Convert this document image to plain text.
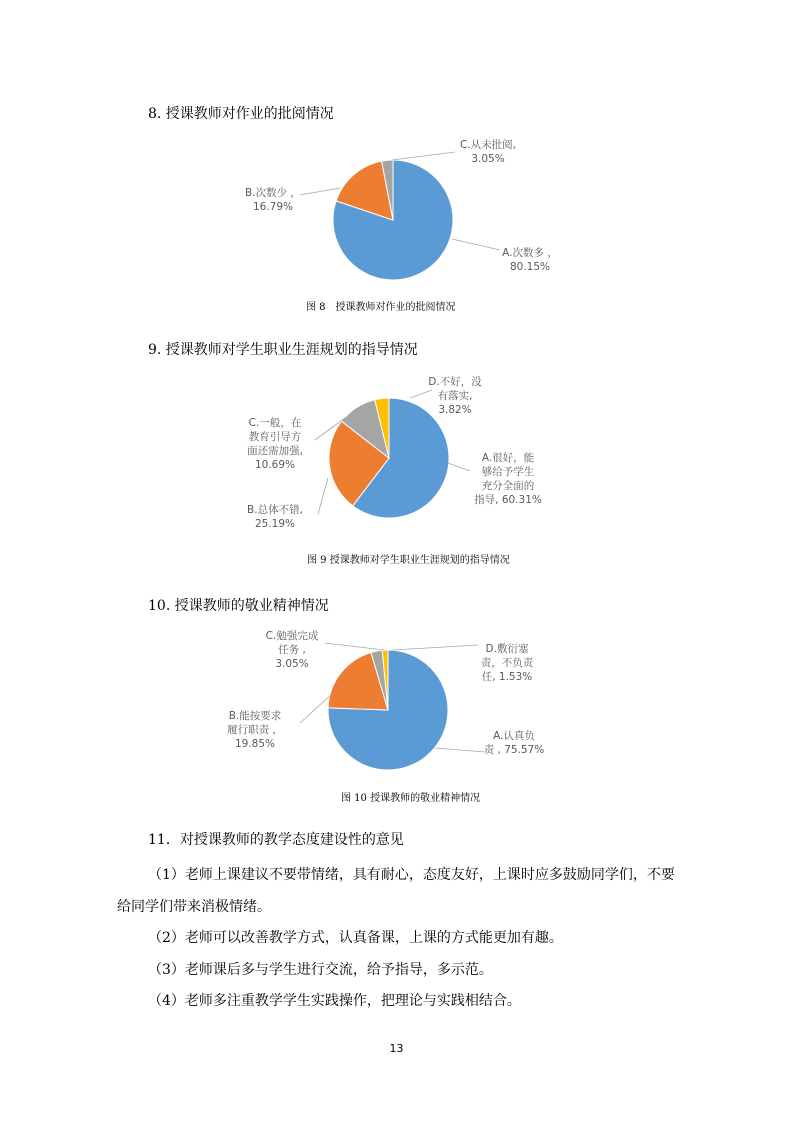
8. 授课教师对作业的批阅情况
A.次数多 ， 80.15%
B.次数少 ， 16.79%
C.从未批阅, 3.05%
图 8　授课教师对作业的批阅情况
9. 授课教师对学生职业生涯规划的指导情况
A.很好，能够给予学生充分全面的指导, 60.31%
B.总体不错, 25.19%
C.一般，在教育引导方面还需加强, 10.69%
D.不好，没有落实, 3.82%
图 9 授课教师对学生职业生涯规划的指导情况
10. 授课教师的敬业精神情况
A.认真负责 , 75.57%
B.能按要求履行职责 ， 19.85%
C.勉强完成任务 , 3.05%
D.敷衍塞责，不负责任, 1.53%
图 10 授课教师的敬业精神情况
11．对授课教师的教学态度建设性的意见
（1）老师上课建议不要带情绪，具有耐心，态度友好，上课时应多鼓励同学们，不要
给同学们带来消极情绪。
（2）老师可以改善教学方式，认真备课，上课的方式能更加有趣。
（3）老师课后多与学生进行交流，给予指导，多示范。
（4）老师多注重教学学生实践操作，把理论与实践相结合。
13
